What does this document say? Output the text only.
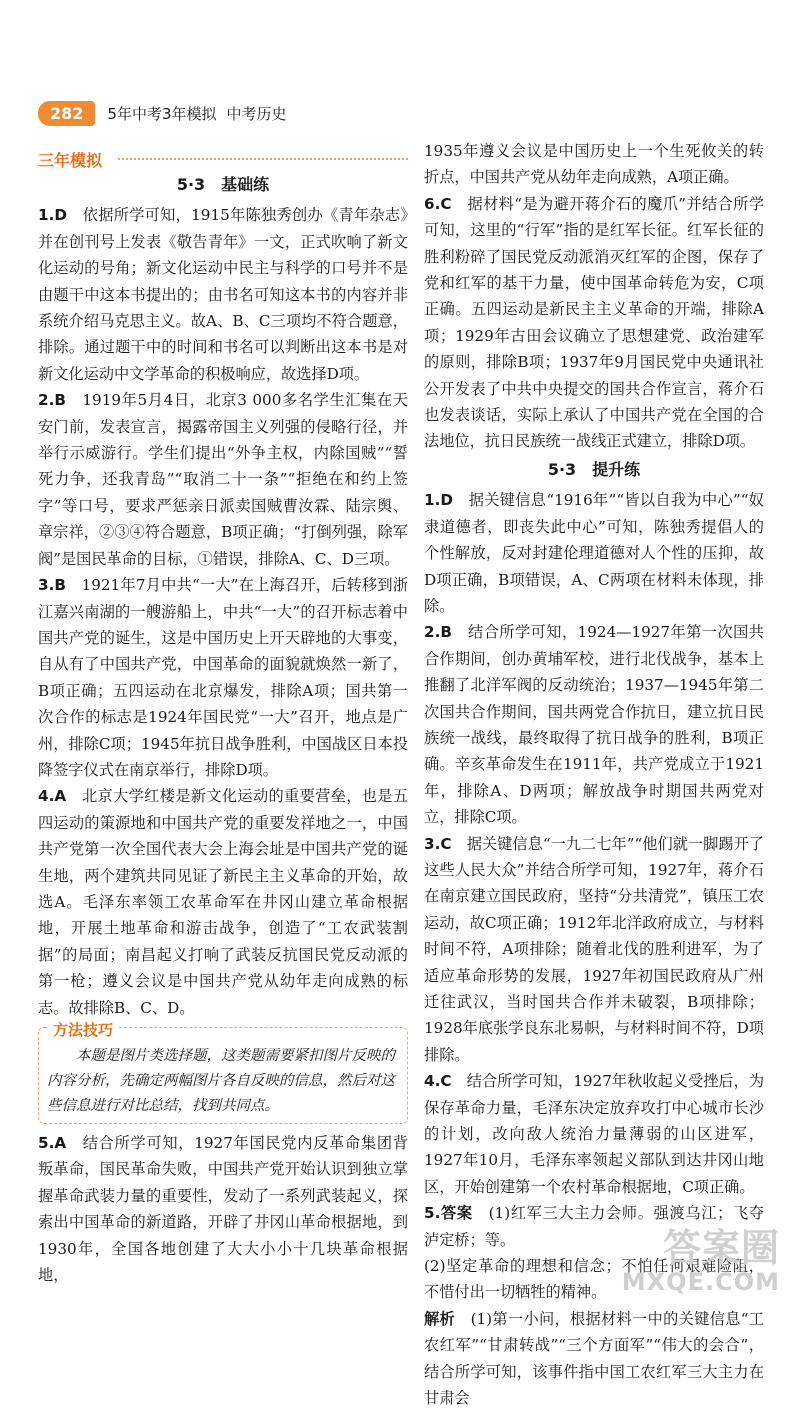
282	5年中考3年模拟 中考历史
三年模拟
5·3　基础练
1.D　 依据所学可知，1915年陈独秀创办《青年杂志》并在创刊号上发表《敬告青年》一文，正式吹响了新文化运动的号角；新文化运动中民主与科学的口号并不是由题干中这本书提出的；由书名可知这本书的内容并非系统介绍马克思主义。故A、B、C三项均不符合题意，排除。通过题干中的时间和书名可以判断出这本书是对新文化运动中文学革命的积极响应，故选择D项。
2.B　 1919年5月4日，北京3 000多名学生汇集在天安门前，发表宣言，揭露帝国主义列强的侵略行径，并举行示威游行。学生们提出“外争主权，内除国贼”“誓死力争，还我青岛”“取消二十一条”“拒绝在和约上签字”等口号，要求严惩亲日派卖国贼曹汝霖、陆宗舆、章宗祥，②③④符合题意，B项正确；“打倒列强，除军阀”是国民革命的目标，①错误，排除A、C、D三项。
3.B　 1921年7月中共“一大”在上海召开，后转移到浙江嘉兴南湖的一艘游船上，中共“一大”的召开标志着中国共产党的诞生，这是中国历史上开天辟地的大事变，自从有了中国共产党，中国革命的面貌就焕然一新了，B项正确；五四运动在北京爆发，排除A项；国共第一次合作的标志是1924年国民党“一大”召开，地点是广州，排除C项；1945年抗日战争胜利，中国战区日本投降签字仪式在南京举行，排除D项。
4.A　 北京大学红楼是新文化运动的重要营垒，也是五四运动的策源地和中国共产党的重要发祥地之一，中国共产党第一次全国代表大会上海会址是中国共产党的诞生地，两个建筑共同见证了新民主主义革命的开始，故选A。毛泽东率领工农革命军在井冈山建立革命根据地，开展土地革命和游击战争，创造了“工农武装割据”的局面；南昌起义打响了武装反抗国民党反动派的第一枪；遵义会议是中国共产党从幼年走向成熟的标志。故排除B、C、D。
方法技巧
本题是图片类选择题，这类题需要紧扣图片反映的内容分析，先确定两幅图片各自反映的信息，然后对这些信息进行对比总结，找到共同点。
5.A　 结合所学可知，1927年国民党内反革命集团背叛革命，国民革命失败，中国共产党开始认识到独立掌握革命武装力量的重要性，发动了一系列武装起义，探索出中国革命的新道路，开辟了井冈山革命根据地，到1930年，全国各地创建了大大小小十几块革命根据地，
1935年遵义会议是中国历史上一个生死攸关的转折点，中国共产党从幼年走向成熟，A项正确。
6.C　 据材料“是为避开蒋介石的魔爪”并结合所学可知，这里的“行军”指的是红军长征。红军长征的胜利粉碎了国民党反动派消灭红军的企图，保存了党和红军的基干力量，使中国革命转危为安，C项正确。五四运动是新民主主义革命的开端，排除A项；1929年古田会议确立了思想建党、政治建军的原则，排除B项；1937年9月国民党中央通讯社公开发表了中共中央提交的国共合作宣言，蒋介石也发表谈话，实际上承认了中国共产党在全国的合法地位，抗日民族统一战线正式建立，排除D项。
5·3　提升练
1.D　 据关键信息“1916年”“皆以自我为中心”“奴隶道德者，即丧失此中心”可知，陈独秀提倡人的个性解放，反对封建伦理道德对人个性的压抑，故D项正确，B项错误，A、C两项在材料未体现，排除。
2.B　 结合所学可知，1924—1927年第一次国共合作期间，创办黄埔军校，进行北伐战争，基本上推翻了北洋军阀的反动统治；1937—1945年第二次国共合作期间，国共两党合作抗日，建立抗日民族统一战线，最终取得了抗日战争的胜利，B项正确。辛亥革命发生在1911年，共产党成立于1921年，排除A、D两项；解放战争时期国共两党对立，排除C项。
3.C　 据关键信息“一九二七年”“他们就一脚踢开了这些人民大众”并结合所学可知，1927年，蒋介石在南京建立国民政府，坚持“分共清党”，镇压工农运动，故C项正确；1912年北洋政府成立，与材料时间不符，A项排除；随着北伐的胜利进军，为了适应革命形势的发展，1927年初国民政府从广州迁往武汉，当时国共合作并未破裂，B项排除；1928年底张学良东北易帜，与材料时间不符，D项排除。
4.C　 结合所学可知，1927年秋收起义受挫后，为保存革命力量，毛泽东决定放弃攻打中心城市长沙的计划，改向敌人统治力量薄弱的山区进军，1927年10月，毛泽东率领起义部队到达井冈山地区，开始创建第一个农村革命根据地，C项正确。
5.答案　 (1)红军三大主力会师。强渡乌江；飞夺泸定桥；等。
(2)坚定革命的理想和信念；不怕任何艰难险阻，不惜付出一切牺牲的精神。
解析　 (1)第一小问，根据材料一中的关键信息“工农红军”“甘肃转战”“三个方面军”“伟大的会合”，结合所学可知，该事件指中国工农红军三大主力在甘肃会
答案圈
MXQE.COM
